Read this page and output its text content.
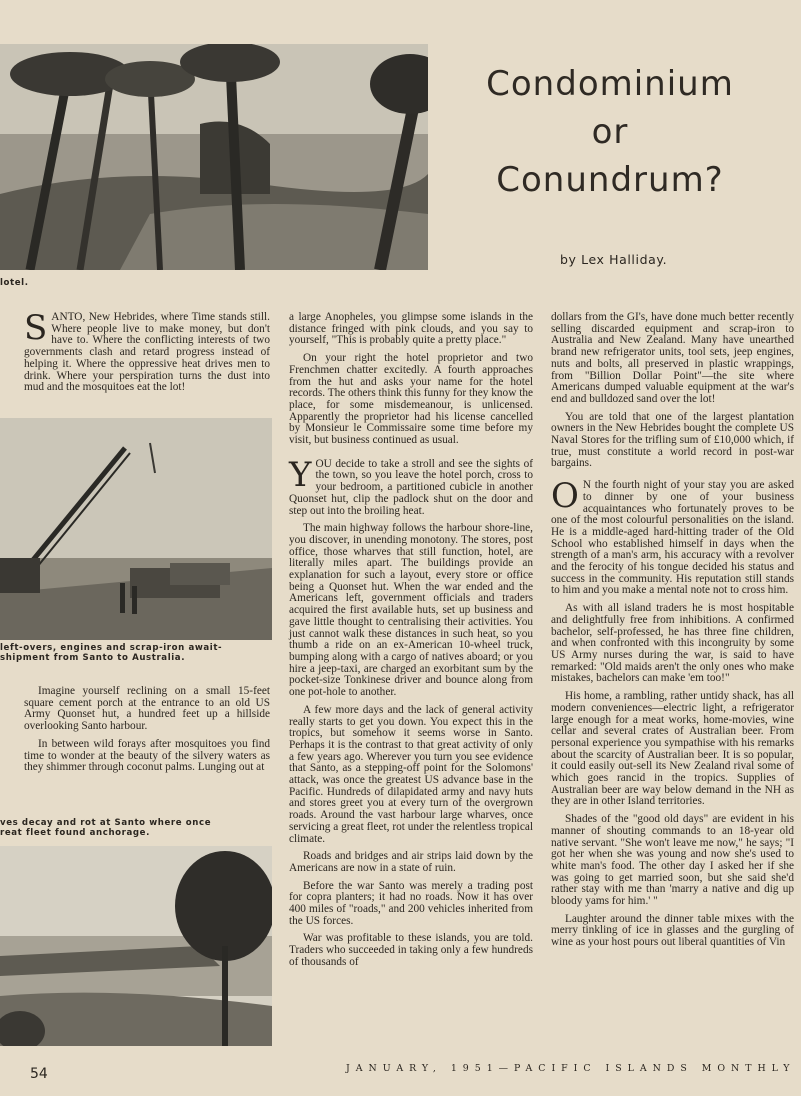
lotel.
Condominium
or
Conundrum?
by Lex Halliday.

SANTO, New Hebrides, where Time stands still. Where people live to make money, but don't have to. Where the conflicting interests of two governments clash and retard progress instead of helping it. Where the oppressive heat drives men to drink. Where your perspiration turns the dust into mud and the mosquitoes eat the lot!

left-overs, engines and scrap-iron await-
shipment from Santo to Australia.

Imagine yourself reclining on a small 15-feet square cement porch at the entrance to an old US Army Quonset hut, a hundred feet up a hillside overlooking Santo harbour.

In between wild forays after mosquitoes you find time to wonder at the beauty of the silvery waters as they shimmer through coconut palms. Lunging out at

ves decay and rot at Santo where once
reat fleet found anchorage.

a large Anopheles, you glimpse some islands in the distance fringed with pink clouds, and you say to yourself, "This is probably quite a pretty place."

On your right the hotel proprietor and two Frenchmen chatter excitedly. A fourth approaches from the hut and asks your name for the hotel records. The others think this funny for they know the place, for some misdemeanour, is unlicensed. Apparently the proprietor had his license cancelled by Monsieur le Commissaire some time before my visit, but business continued as usual.

YOU decide to take a stroll and see the sights of the town, so you leave the hotel porch, cross to your bedroom, a partitioned cubicle in another Quonset hut, clip the padlock shut on the door and step out into the broiling heat.

The main highway follows the harbour shore-line, you discover, in unending monotony. The stores, post office, those wharves that still function, hotel, are literally miles apart. The buildings provide an explanation for such a layout, every store or office being a Quonset hut. When the war ended and the Americans left, government officials and traders acquired the first available huts, set up business and gave little thought to centralising their activities. You just cannot walk these distances in such heat, so you thumb a ride on an ex-American 10-wheel truck, bumping along with a cargo of natives aboard; or you hire a jeep-taxi, are charged an exorbitant sum by the pocket-size Tonkinese driver and bounce along from one pot-hole to another.

A few more days and the lack of general activity really starts to get you down. You expect this in the tropics, but somehow it seems worse in Santo. Perhaps it is the contrast to that great activity of only a few years ago. Wherever you turn you see evidence that Santo, as a stepping-off point for the Solomons' attack, was once the greatest US advance base in the Pacific. Hundreds of dilapidated army and navy huts and stores greet you at every turn of the overgrown roads. Around the vast harbour large wharves, once servicing a great fleet, rot under the relentless tropical climate.

Roads and bridges and air strips laid down by the Americans are now in a state of ruin.

Before the war Santo was merely a trading post for copra planters; it had no roads. Now it has over 400 miles of "roads," and 200 vehicles inherited from the US forces.

War was profitable to these islands, you are told. Traders who succeeded in taking only a few hundreds of thousands of

dollars from the GI's, have done much better recently selling discarded equipment and scrap-iron to Australia and New Zealand. Many have unearthed brand new refrigerator units, tool sets, jeep engines, nuts and bolts, all preserved in plastic wrappings, from "Billion Dollar Point"—the site where Americans dumped valuable equipment at the war's end and bulldozed sand over the lot!

You are told that one of the largest plantation owners in the New Hebrides bought the complete US Naval Stores for the trifling sum of £10,000 which, if true, must constitute a world record in post-war bargains.

O N the fourth night of your stay you are asked to dinner by one of your business acquaintances who fortunately proves to be one of the most colourful personalities on the island. He is a middle-aged hard-hitting trader of the Old School who established himself in days when the strength of a man's arm, his accuracy with a revolver and the ferocity of his tongue decided his status and success in the community. His reputation still stands to him and you make a mental note not to cross him.

As with all island traders he is most hospitable and delightfully free from inhibitions. A confirmed bachelor, self-professed, he has three fine children, and when confronted with this incongruity by some US Army nurses during the war, is said to have remarked: "Old maids aren't the only ones who make mistakes, bachelors can make 'em too!"

His home, a rambling, rather untidy shack, has all modern conveniences—electric light, a refrigerator large enough for a meat works, home-movies, wine cellar and several crates of Australian beer. From personal experience you sympathise with his remarks about the scarcity of Australian beer. It is so popular, it could easily out-sell its New Zealand rival some of which goes rancid in the tropics. Supplies of Australian beer are way below demand in the NH as they are in other Island territories.

Shades of the "good old days" are evident in his manner of shouting commands to an 18-year old native servant. "She won't leave me now," he says; "I got her when she was young and now she's used to white man's food. The other day I asked her if she was going to get married soon, but she said she'd rather stay with me than 'marry a native and dig up bloody yams for him.' "

Laughter around the dinner table mixes with the merry tinkling of ice in glasses and the gurgling of wine as your host pours out liberal quantities of Vin

54	JANUARY, 1951—PACIFIC ISLANDS MONTHLY
